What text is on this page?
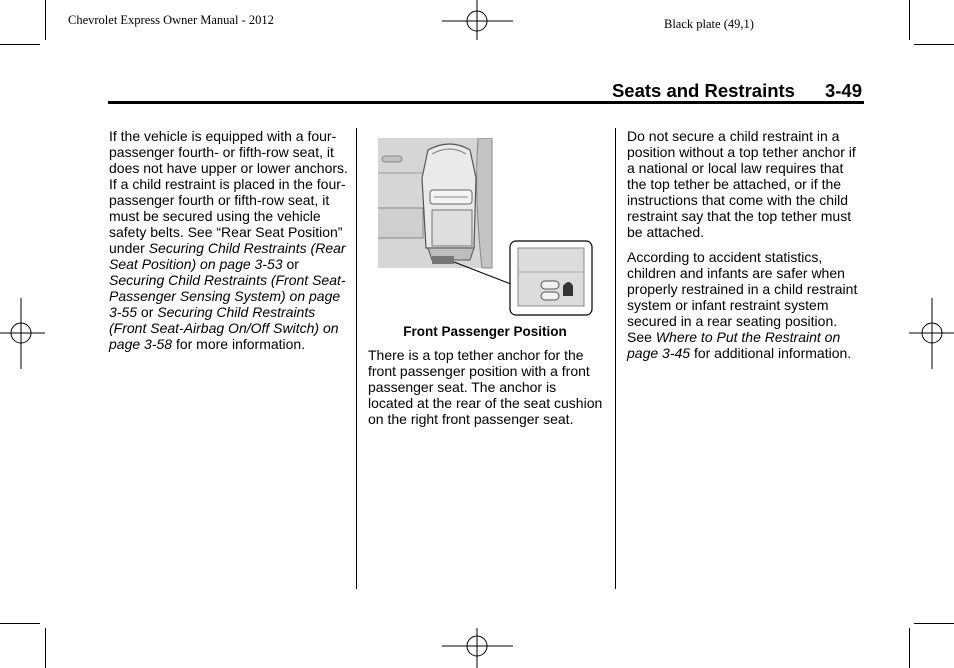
Chevrolet Express Owner Manual - 2012	Black plate (49,1)
Seats and Restraints 3-49

If the vehicle is equipped with a four-passenger fourth- or fifth-row seat, it does not have upper or lower anchors. If a child restraint is placed in the four-passenger fourth or fifth-row seat, it must be secured using the vehicle safety belts. See “Rear Seat Position” under Securing Child Restraints (Rear Seat Position) on page 3-53 or Securing Child Restraints (Front Seat-Passenger Sensing System) on page 3-55 or Securing Child Restraints (Front Seat-Airbag On/Off Switch) on page 3-58 for more information.

Front Passenger Position

There is a top tether anchor for the front passenger position with a front passenger seat. The anchor is located at the rear of the seat cushion on the right front passenger seat.

Do not secure a child restraint in a position without a top tether anchor if a national or local law requires that the top tether be attached, or if the instructions that come with the child restraint say that the top tether must be attached.

According to accident statistics, children and infants are safer when properly restrained in a child restraint system or infant restraint system secured in a rear seating position. See Where to Put the Restraint on page 3-45 for additional information.
